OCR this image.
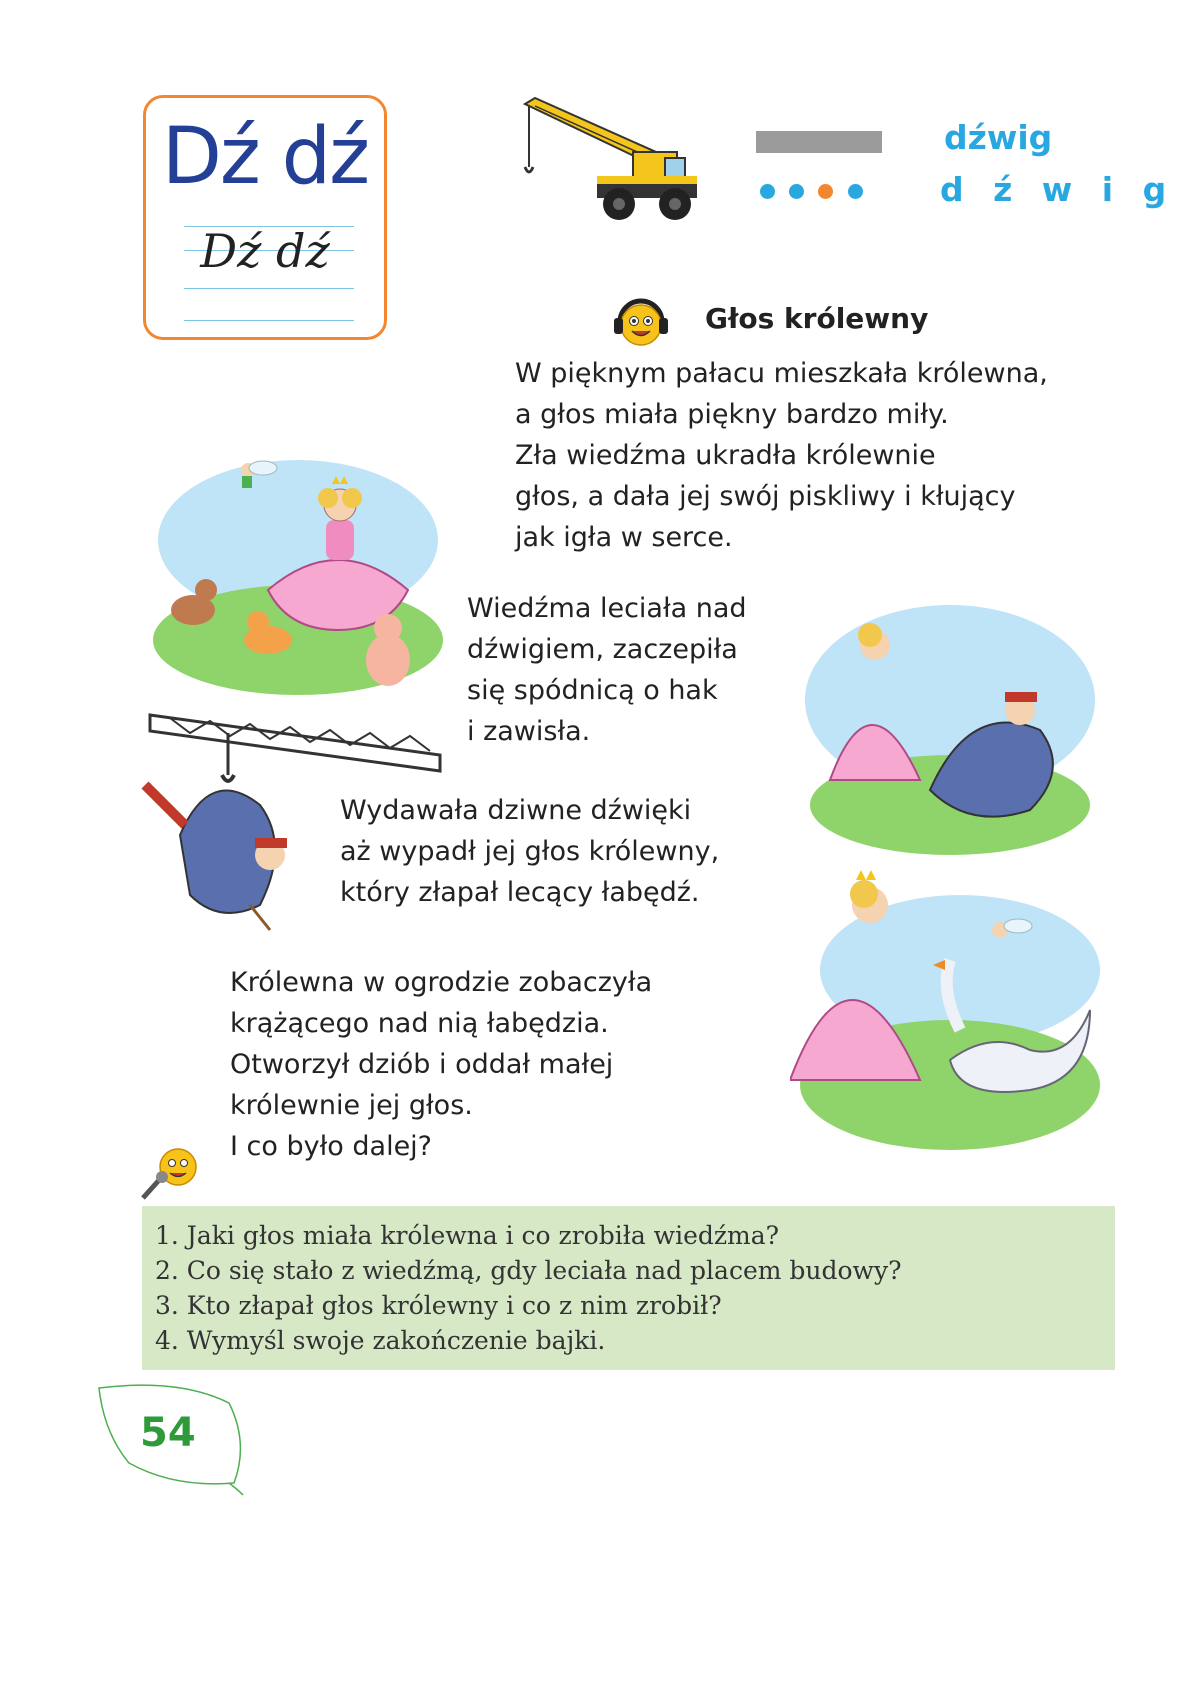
Dź dź
Dź dź
dźwig
d ź w i g
Głos królewny
W pięknym pałacu mieszkała królewna,
a głos miała piękny bardzo miły.
Zła wiedźma ukradła królewnie
głos, a dała jej swój piskliwy i kłujący
jak igła w serce.
Wiedźma leciała nad
dźwigiem, zaczepiła
się spódnicą o hak
i zawisła.
Wydawała dziwne dźwięki
aż wypadł jej głos królewny,
który złapał lecący łabędź.
Królewna w ogrodzie zobaczyła
krążącego nad nią łabędzia.
Otworzył dziób i oddał małej
królewnie jej głos.
I co było dalej?
1. Jaki głos miała królewna i co zrobiła wiedźma?
2. Co się stało z wiedźmą, gdy leciała nad placem budowy?
3. Kto złapał głos królewny i co z nim zrobił?
4. Wymyśl swoje zakończenie bajki.
54
